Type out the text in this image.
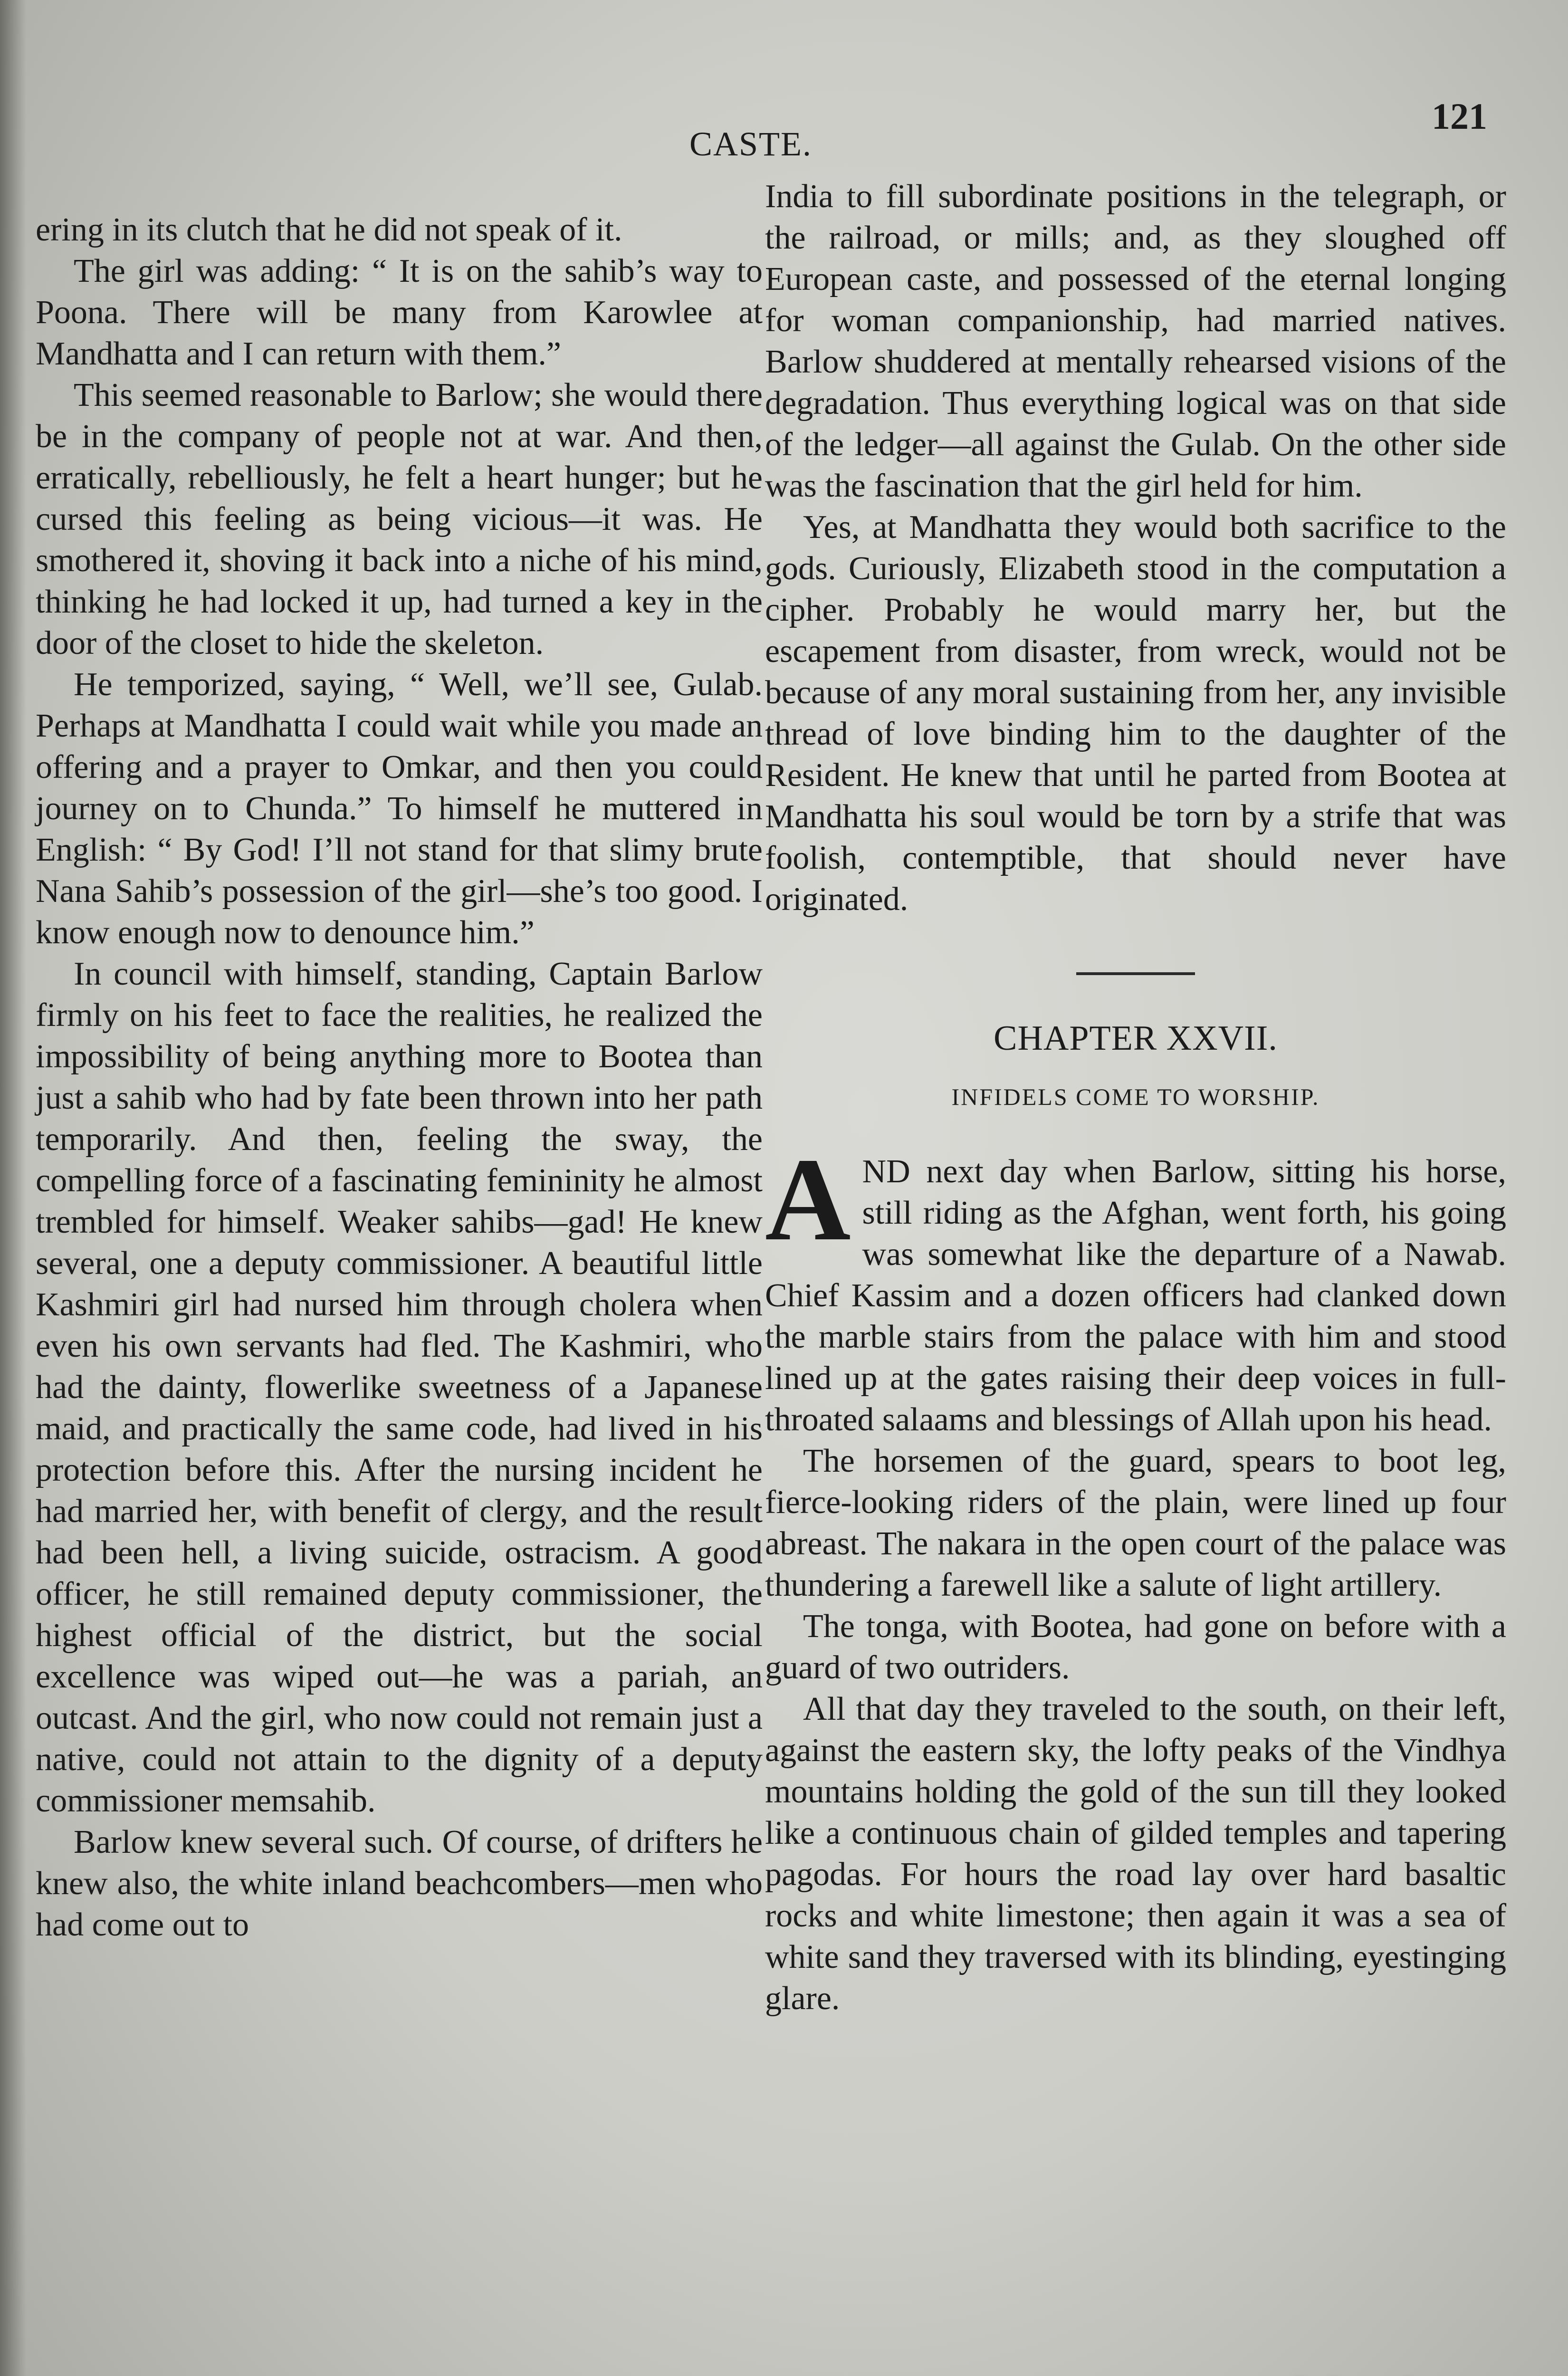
CASTE.
121

ering in its clutch that he did not speak of it.

The girl was adding: “ It is on the sahib’s way to Poona. There will be many from Karowlee at Mandhatta and I can return with them.”

This seemed reasonable to Barlow; she would there be in the company of people not at war. And then, erratically, rebelliously, he felt a heart hunger; but he cursed this feeling as being vicious—it was. He smothered it, shoving it back into a niche of his mind, thinking he had locked it up, had turned a key in the door of the closet to hide the skeleton.

He temporized, saying, “ Well, we’ll see, Gulab. Perhaps at Mandhatta I could wait while you made an offering and a prayer to Omkar, and then you could journey on to Chunda.” To himself he muttered in English: “ By God! I’ll not stand for that slimy brute Nana Sahib’s possession of the girl—she’s too good. I know enough now to denounce him.”

In council with himself, standing, Captain Barlow firmly on his feet to face the realities, he realized the impossibility of being anything more to Bootea than just a sahib who had by fate been thrown into her path temporarily. And then, feeling the sway, the compelling force of a fascinating femininity he almost trembled for himself. Weaker sahibs—gad! He knew several, one a deputy commissioner. A beautiful little Kashmiri girl had nursed him through cholera when even his own servants had fled. The Kashmiri, who had the dainty, flowerlike sweetness of a Japanese maid, and practically the same code, had lived in his protection before this. After the nursing incident he had married her, with benefit of clergy, and the result had been hell, a living suicide, ostracism. A good officer, he still remained deputy commissioner, the highest official of the district, but the social excellence was wiped out—he was a pariah, an outcast. And the girl, who now could not remain just a native, could not attain to the dignity of a deputy commissioner memsahib.

Barlow knew several such. Of course, of drifters he knew also, the white inland beachcombers—men who had come out to

India to fill subordinate positions in the telegraph, or the railroad, or mills; and, as they sloughed off European caste, and possessed of the eternal longing for woman companionship, had married natives. Barlow shuddered at mentally rehearsed visions of the degradation. Thus everything logical was on that side of the ledger—all against the Gulab. On the other side was the fascination that the girl held for him.

Yes, at Mandhatta they would both sacrifice to the gods. Curiously, Elizabeth stood in the computation a cipher. Probably he would marry her, but the escapement from disaster, from wreck, would not be because of any moral sustaining from her, any invisible thread of love binding him to the daughter of the Resident. He knew that until he parted from Bootea at Mandhatta his soul would be torn by a strife that was foolish, contemptible, that should never have originated.

CHAPTER XXVII.
INFIDELS COME TO WORSHIP.

AND next day when Barlow, sitting his horse, still riding as the Afghan, went forth, his going was somewhat like the departure of a Nawab. Chief Kassim and a dozen officers had clanked down the marble stairs from the palace with him and stood lined up at the gates raising their deep voices in full-throated salaams and blessings of Allah upon his head.

The horsemen of the guard, spears to boot leg, fierce-looking riders of the plain, were lined up four abreast. The nakara in the open court of the palace was thundering a farewell like a salute of light artillery.

The tonga, with Bootea, had gone on before with a guard of two outriders.

All that day they traveled to the south, on their left, against the eastern sky, the lofty peaks of the Vindhya mountains holding the gold of the sun till they looked like a continuous chain of gilded temples and tapering pagodas. For hours the road lay over hard basaltic rocks and white limestone; then again it was a sea of white sand they traversed with its blinding, eyestinging glare.
